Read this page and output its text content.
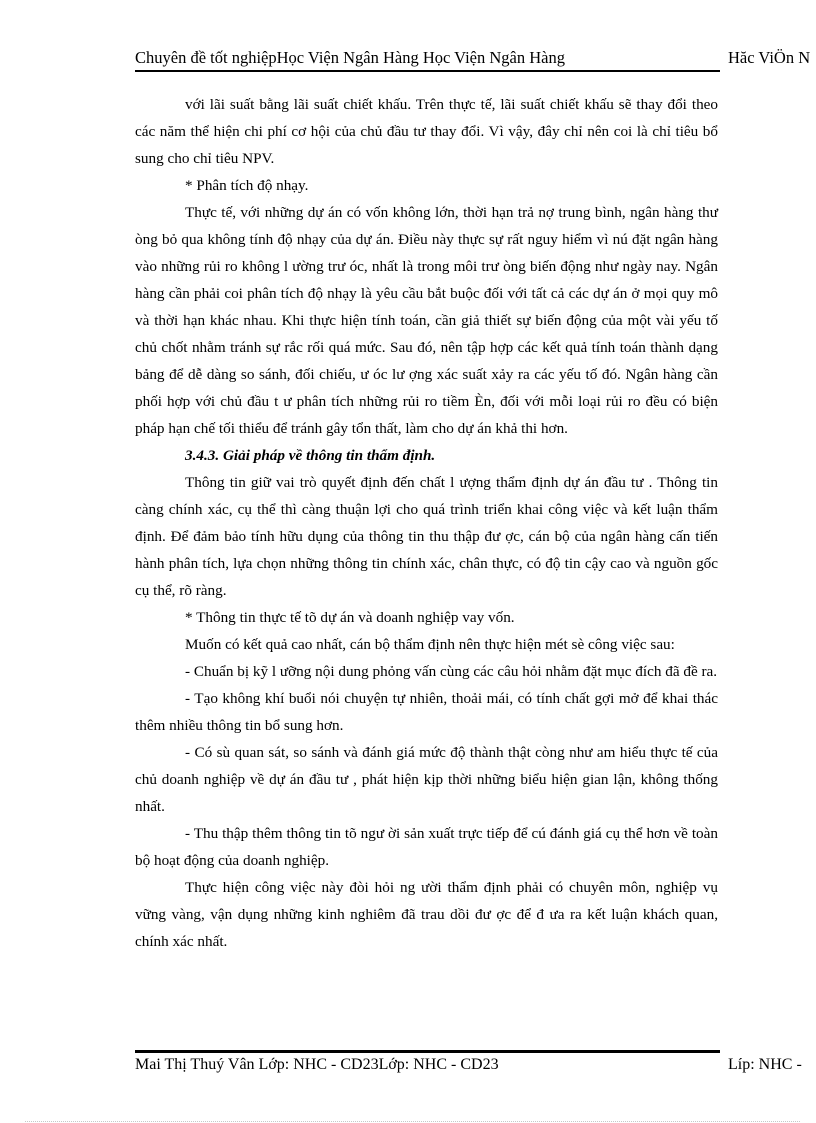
Chuyên đề tốt nghiệpHọc Viện Ngân Hàng Học Viện Ngân Hàng	Hăc ViÖn N

với lãi suất bằng lãi suất chiết khấu. Trên thực tế, lãi suất chiết khấu sẽ thay đổi theo các năm thể hiện chi phí cơ hội của chủ đầu tư thay đổi. Vì vậy, đây chỉ nên coi là chỉ tiêu bổ sung cho chỉ tiêu NPV.

* Phân tích độ nhạy.

Thực tế, với những dự án có vốn không lớn, thời hạn trả nợ trung bình, ngân hàng thư òng bỏ qua không tính độ nhạy của dự án. Điều này thực sự rất nguy hiểm vì nú đặt ngân hàng vào những rủi ro không l ường trư óc, nhất là trong môi trư òng biến động như ngày nay. Ngân hàng cần phải coi phân tích độ nhạy là yêu cầu bắt buộc đối với tất cả các dự án ở mọi quy mô và thời hạn khác nhau. Khi thực hiện tính toán, cần giả thiết sự biến động của một vài yếu tố chủ chốt nhằm tránh sự rắc rối quá mức. Sau đó, nên tập hợp các kết quả tính toán thành dạng bảng để dễ dàng so sánh, đối chiếu, ư óc lư ợng xác suất xảy ra các yếu tố đó. Ngân hàng cần phối hợp với chủ đầu t ư phân tích những rủi ro tiềm Èn, đối với mỗi loại rủi ro đều có biện pháp hạn chế tối thiểu để tránh gây tổn thất, làm cho dự án khả thi hơn.

3.4.3. Giải pháp về thông tin thẩm định.

Thông tin giữ vai trò quyết định đến chất l ượng thẩm định dự án đầu tư . Thông tin càng chính xác, cụ thể thì càng thuận lợi cho quá trình triển khai công việc và kết luận thẩm định. Để đảm bảo tính hữu dụng của thông tin thu thập đư ợc, cán bộ của ngân hàng cấn tiến hành phân tích, lựa chọn những thông tin chính xác, chân thực, có độ tin cậy cao và nguồn gốc cụ thể, rõ ràng.

* Thông tin thực tế tõ dự án và doanh nghiệp vay vốn.

Muốn có kết quả cao nhất, cán bộ thẩm định nên thực hiện mét sè công việc sau:

- Chuẩn bị kỹ l ưỡng nội dung phỏng vấn cùng các câu hỏi nhằm đặt mục đích đã đề ra.

- Tạo không khí buổi nói chuyện tự nhiên, thoải mái, có tính chất gợi mở để khai thác thêm nhiều thông tin bổ sung hơn.

- Có sù quan sát, so sánh và đánh giá mức độ thành thật còng như am hiểu thực tế của chủ doanh nghiệp về dự án đầu tư , phát hiện kịp thời những biểu hiện gian lận, không thống nhất.

- Thu thập thêm thông tin tõ ngư ời sản xuất trực tiếp để cú đánh giá cụ thể hơn về toàn bộ hoạt động của doanh nghiệp.

Thực hiện công việc này đòi hỏi ng ười thẩm định phải có chuyên môn, nghiệp vụ vững vàng, vận dụng những kinh nghiêm đã trau dồi đư ợc để đ ưa ra kết luận khách quan, chính xác nhất.

Mai Thị Thuý Vân Lớp: NHC - CD23Lớp: NHC - CD23	Líp: NHC -
